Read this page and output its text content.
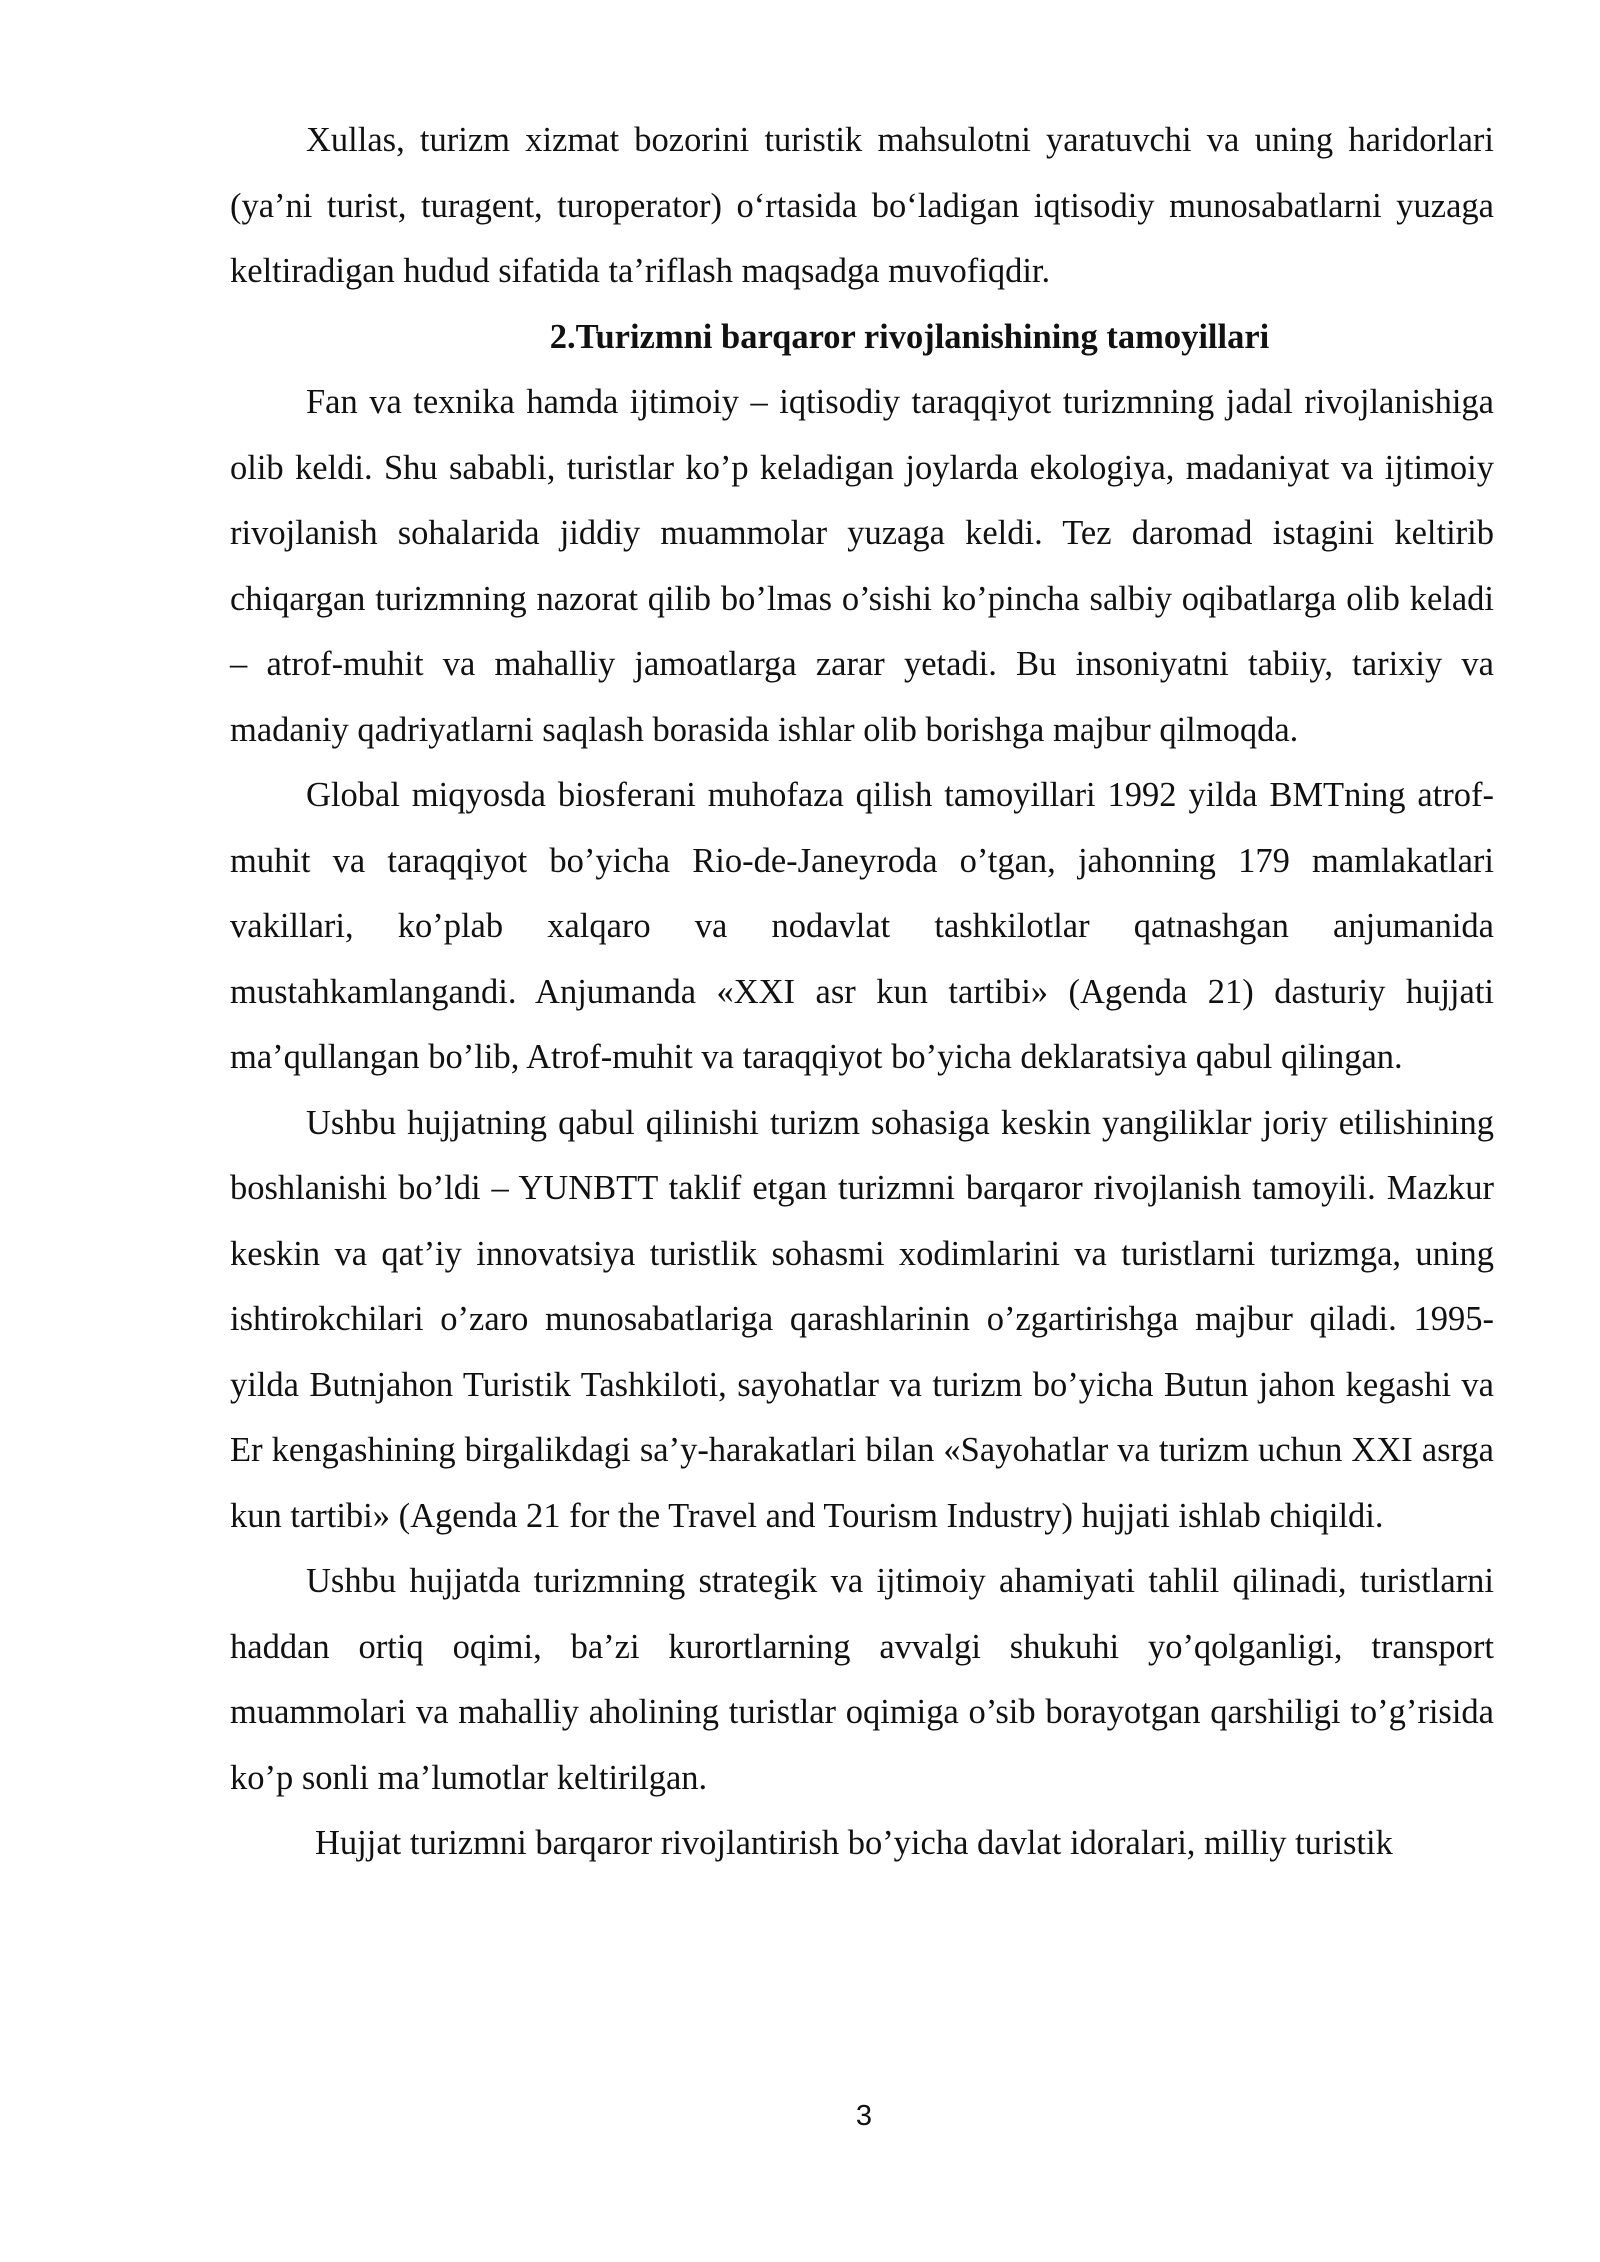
Xullas, turizm xizmat bozorini turistik mahsulotni yaratuvchi va uning haridorlari (ya’ni turist, turagent, turoperator) o‘rtasida bo‘ladigan iqtisodiy munosabatlarni yuzaga keltiradigan hudud sifatida ta’riflash maqsadga muvofiqdir.

2.Turizmni barqaror rivojlanishining tamoyillari

Fan va texnika hamda ijtimoiy – iqtisodiy taraqqiyot turizmning jadal rivojlanishiga olib keldi. Shu sababli, turistlar ko’p keladigan joylarda ekologiya, madaniyat va ijtimoiy rivojlanish sohalarida jiddiy muammolar yuzaga keldi. Tez daromad istagini keltirib chiqargan turizmning nazorat qilib bo’lmas o’sishi ko’pincha salbiy oqibatlarga olib keladi – atrof-muhit va mahalliy jamoatlarga zarar yetadi. Bu insoniyatni tabiiy, tarixiy va madaniy qadriyatlarni saqlash borasida ishlar olib borishga majbur qilmoqda.

Global miqyosda biosferani muhofaza qilish tamoyillari 1992 yilda BMTning atrof-muhit va taraqqiyot bo’yicha Rio-de-Janeyroda o’tgan, jahonning 179 mamlakatlari vakillari, ko’plab xalqaro va nodavlat tashkilotlar qatnashgan anjumanida mustahkamlangandi. Anjumanda «XXI asr kun tartibi» (Agenda 21) dasturiy hujjati ma’qullangan bo’lib, Atrof-muhit va taraqqiyot bo’yicha deklaratsiya qabul qilingan.

Ushbu hujjatning qabul qilinishi turizm sohasiga keskin yangiliklar joriy etilishining boshlanishi bo’ldi – YUNBTT taklif etgan turizmni barqaror rivojlanish tamoyili. Mazkur keskin va qat’iy innovatsiya turistlik sohasmi xodimlarini va turistlarni turizmga, uning ishtirokchilari o’zaro munosabatlariga qarashlarinin o’zgartirishga majbur qiladi. 1995-yilda Butnjahon Turistik Tashkiloti, sayohatlar va turizm bo’yicha Butun jahon kegashi va Er kengashining birgalikdagi sa’y-harakatlari bilan «Sayohatlar va turizm uchun XXI asrga kun tartibi» (Agenda 21 for the Travel and Tourism Industry) hujjati ishlab chiqildi.

Ushbu hujjatda turizmning strategik va ijtimoiy ahamiyati tahlil qilinadi, turistlarni haddan ortiq oqimi, ba’zi kurortlarning avvalgi shukuhi yo’qolganligi, transport muammolari va mahalliy aholining turistlar oqimiga o’sib borayotgan qarshiligi to’g’risida ko’p sonli ma’lumotlar keltirilgan.

Hujjat turizmni barqaror rivojlantirish bo’yicha davlat idoralari, milliy turistik

3
